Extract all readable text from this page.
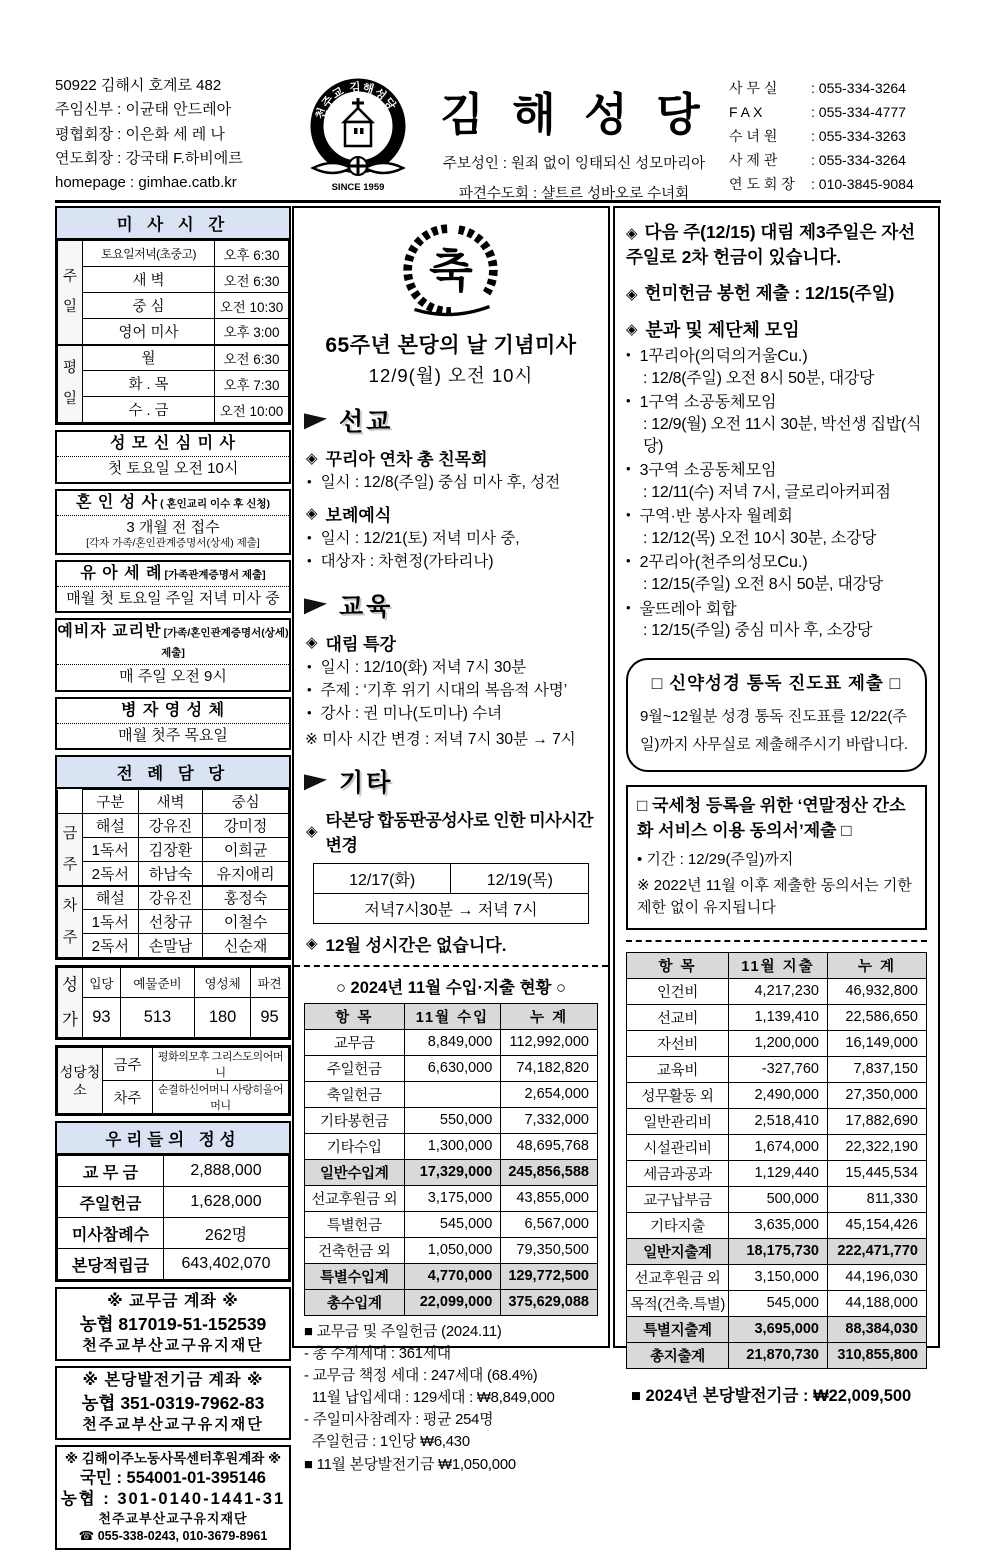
50922 김해시 호계로 482
주임신부 : 이균태 안드레아
평협회장 : 이은화 세 레 나
연도회장 : 강국태 F.하비에르
homepage : gimhae.catb.kr
천주교 김해성당
SINCE 1959
김 해 성 당
주보성인 : 원죄 없이 잉태되신 성모마리아
파견수도회 : 샬트르 성바오로 수녀회
사 무 실	: 055-334-3264
F A X	: 055-334-4777
수 녀 원	: 055-334-3263
사 제 관	: 055-334-3264
연 도 회 장	: 010-3845-9084
미 사 시 간
주일	토요일저녁(초중고)	오후 6:30
	새 벽	오전 6:30
	중 심	오전 10:30
	영어 미사	오후 3:00
평일	월	오전 6:30
	화 . 목	오후 7:30
	수 . 금	오전 10:00
성 모 신 심 미 사
첫 토요일 오전 10시
혼 인 성 사 ( 혼인교리 이수 후 신청)
3 개월 전 접수
[각자 가족/혼인관계증명서(상세) 제출]
유 아 세 례 [가족관계증명서 제출]
매월 첫 토요일 주일 저녁 미사 중
예비자 교리반 [가족/혼인관계증명서(상세) 제출]
매 주일 오전 9시
병 자 영 성 체
매월 첫주 목요일
전 례 담 당
	구분	새벽	중심
금주	해설	강유진	강미정
	1독서	김장환	이희균
	2독서	하남숙	유지애리
차주	해설	강유진	홍정숙
	1독서	선창규	이철수
	2독서	손말남	신순재
성가	입당	예물준비	영성체	파견
	93	513	180	95
성당청소	금주	평화의모후 그리스도의어머니
	차주	순결하신어머니 사랑히올어머니
우리들의 정성
교 무 금	2,888,000
주일헌금	1,628,000
미사참례수	262명
본당적립금	643,402,070
※ 교무금 계좌 ※
농협 817019-51-152539
천주교부산교구유지재단
※ 본당발전기금 계좌 ※
농협 351-0319-7962-83
천주교부산교구유지재단
※ 김해이주노동사목센터후원계좌 ※
국민 : 554001-01-395146
농협 : 301-0140-1441-31
천주교부산교구유지재단
☎ 055-338-0243, 010-3679-8961
축
65주년 본당의 날 기념미사
12/9(월) 오전 10시
선교
◈ 꾸리아 연차 총 친목회
• 일시 : 12/8(주일) 중심 미사 후, 성전
◈ 보례예식
• 일시 : 12/21(토) 저녁 미사 중,
• 대상자 : 차현정(가타리나)
교육
◈ 대림 특강
• 일시 : 12/10(화) 저녁 7시 30분
• 주제 : ‘기후 위기 시대의 복음적 사명’
• 강사 : 권 미나(도미나) 수녀
※ 미사 시간 변경 : 저녁 7시 30분 → 7시
기타
◈
타본당 합동판공성사로 인한 미사시간변경
12/17(화)	12/19(목)
저녁7시30분 → 저녁 7시
◈ 12월 성시간은 없습니다.
○ 2024년 11월 수입·지출 현황 ○
항 목	11월 수입	누 계
교무금	8,849,000	112,992,000
주일헌금	6,630,000	74,182,820
축일헌금		2,654,000
기타봉헌금	550,000	7,332,000
기타수입	1,300,000	48,695,768
일반수입계	17,329,000	245,856,588
선교후원금 외	3,175,000	43,855,000
특별헌금	545,000	6,567,000
건축헌금 외	1,050,000	79,350,500
특별수입계	4,770,000	129,772,500
총수입계	22,099,000	375,629,088
■ 교무금 및 주일헌금 (2024.11)
- 총 수계세대 : 361세대
- 교무금 책정 세대 : 247세대 (68.4%)
11월 납입세대 : 129세대 : ₩8,849,000
- 주일미사참례자 : 평균 254명
주일헌금 : 1인당 ₩6,430
■ 11월 본당발전기금 ₩1,050,000
◈ 다음 주(12/15) 대림 제3주일은 자선주일로 2차 헌금이 있습니다.
◈ 헌미헌금 봉헌 제출 : 12/15(주일)
◈ 분과 및 제단체 모임
• 1꾸리아(의덕의거울Cu.)
: 12/8(주일) 오전 8시 50분, 대강당
• 1구역 소공동체모임
: 12/9(월) 오전 11시 30분, 박선생 집밥(식당)
• 3구역 소공동체모임
: 12/11(수) 저녁 7시, 글로리아커피점
• 구역·반 봉사자 월례회
: 12/12(목) 오전 10시 30분, 소강당
• 2꾸리아(천주의성모Cu.)
: 12/15(주일) 오전 8시 50분, 대강당
• 울뜨레아 회합
: 12/15(주일) 중심 미사 후, 소강당
□ 신약성경 통독 진도표 제출 □
9월~12월분 성경 통독 진도표를 12/22(주일)까지 사무실로 제출해주시기 바랍니다.
□ 국세청 등록을 위한 ‘연말정산 간소화 서비스 이용 동의서’제출 □
• 기간 : 12/29(주일)까지
※ 2022년 11월 이후 제출한 동의서는 기한 제한 없이 유지됩니다
항 목	11월 지출	누 계
인건비	4,217,230	46,932,800
선교비	1,139,410	22,586,650
자선비	1,200,000	16,149,000
교육비	-327,760	7,837,150
성무활동 외	2,490,000	27,350,000
일반관리비	2,518,410	17,882,690
시설관리비	1,674,000	22,322,190
세금과공과	1,129,440	15,445,534
교구납부금	500,000	811,330
기타지출	3,635,000	45,154,426
일반지출계	18,175,730	222,471,770
선교후원금 외	3,150,000	44,196,030
목적(건축.특별)	545,000	44,188,000
특별지출계	3,695,000	88,384,030
총지출계	21,870,730	310,855,800
■ 2024년 본당발전기금 : ₩22,009,500
